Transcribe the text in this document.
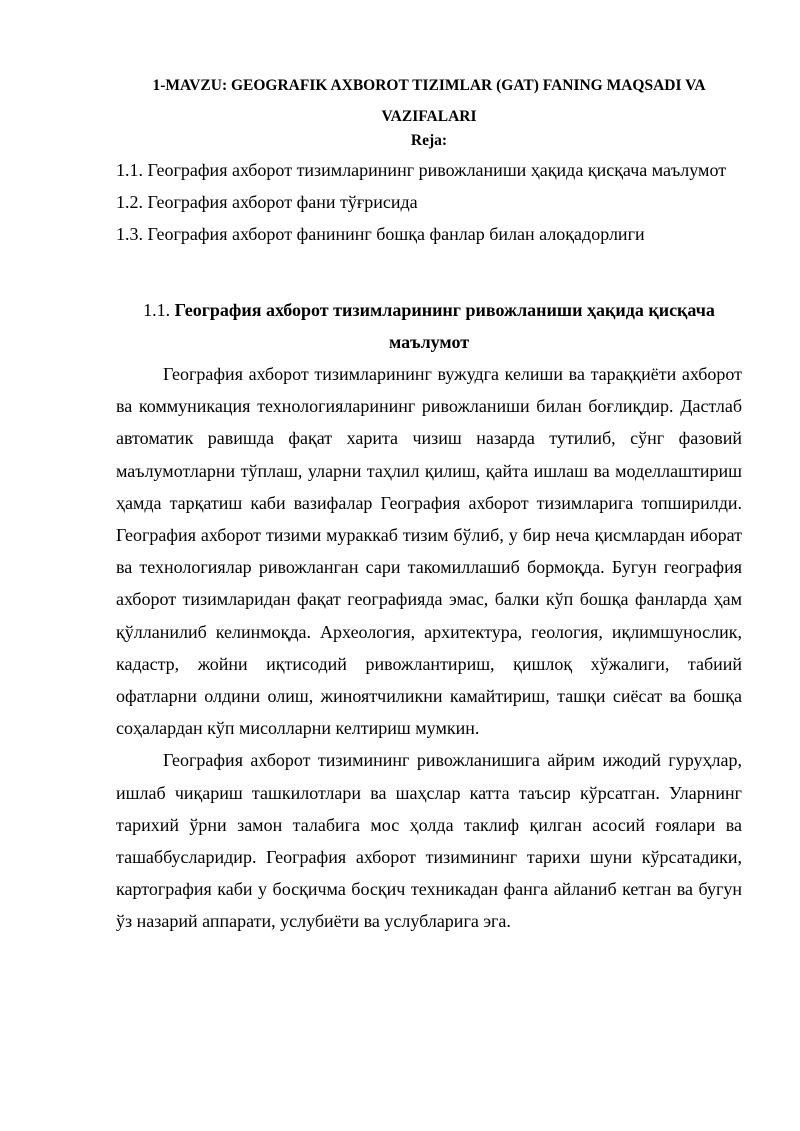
1-MAVZU: GEOGRAFIK AXBOROT TIZIMLAR (GAT) FANING MAQSADI VA VAZIFALARI

Reja:

1.1. География ахборот тизимларининг ривожланиши ҳақида қисқача маълумот

1.2. География ахборот фани тўғрисида

1.3. География ахборот фанининг бошқа фанлар билан алоқадорлиги

1.1. География ахборот тизимларининг ривожланиши ҳақида қисқача маълумот

География ахборот тизимларининг вужудга келиши ва тараққиёти ахборот ва коммуникация технологияларининг ривожланиши билан боғлиқдир. Дастлаб автоматик равишда фақат харита чизиш назарда тутилиб, сўнг фазовий маълумотларни тўплаш, уларни таҳлил қилиш, қайта ишлаш ва моделлаштириш ҳамда тарқатиш каби вазифалар География ахборот тизимларига топширилди. География ахборот тизими мураккаб тизим бўлиб, у бир неча қисмлардан иборат ва технологиялар ривожланган сари такомиллашиб бормоқда. Бугун география ахборот тизимларидан фақат географияда эмас, балки кўп бошқа фанларда ҳам қўлланилиб келинмоқда. Археология, архитектура, геология, иқлимшунослик, кадастр, жойни иқтисодий ривожлантириш, қишлоқ хўжалиги, табиий офатларни олдини олиш, жиноятчиликни камайтириш, ташқи сиёсат ва бошқа соҳалардан кўп мисолларни келтириш мумкин.

География ахборот тизимининг ривожланишига айрим ижодий гуруҳлар, ишлаб чиқариш ташкилотлари ва шаҳслар катта таъсир кўрсатган. Уларнинг тарихий ўрни замон талабига мос ҳолда таклиф қилган асосий ғоялари ва ташаббусларидир. География ахборот тизимининг тарихи шуни кўрсатадики, картография каби у босқичма босқич техникадан фанга айланиб кетган ва бугун ўз назарий аппарати, услубиёти ва услубларига эга.
